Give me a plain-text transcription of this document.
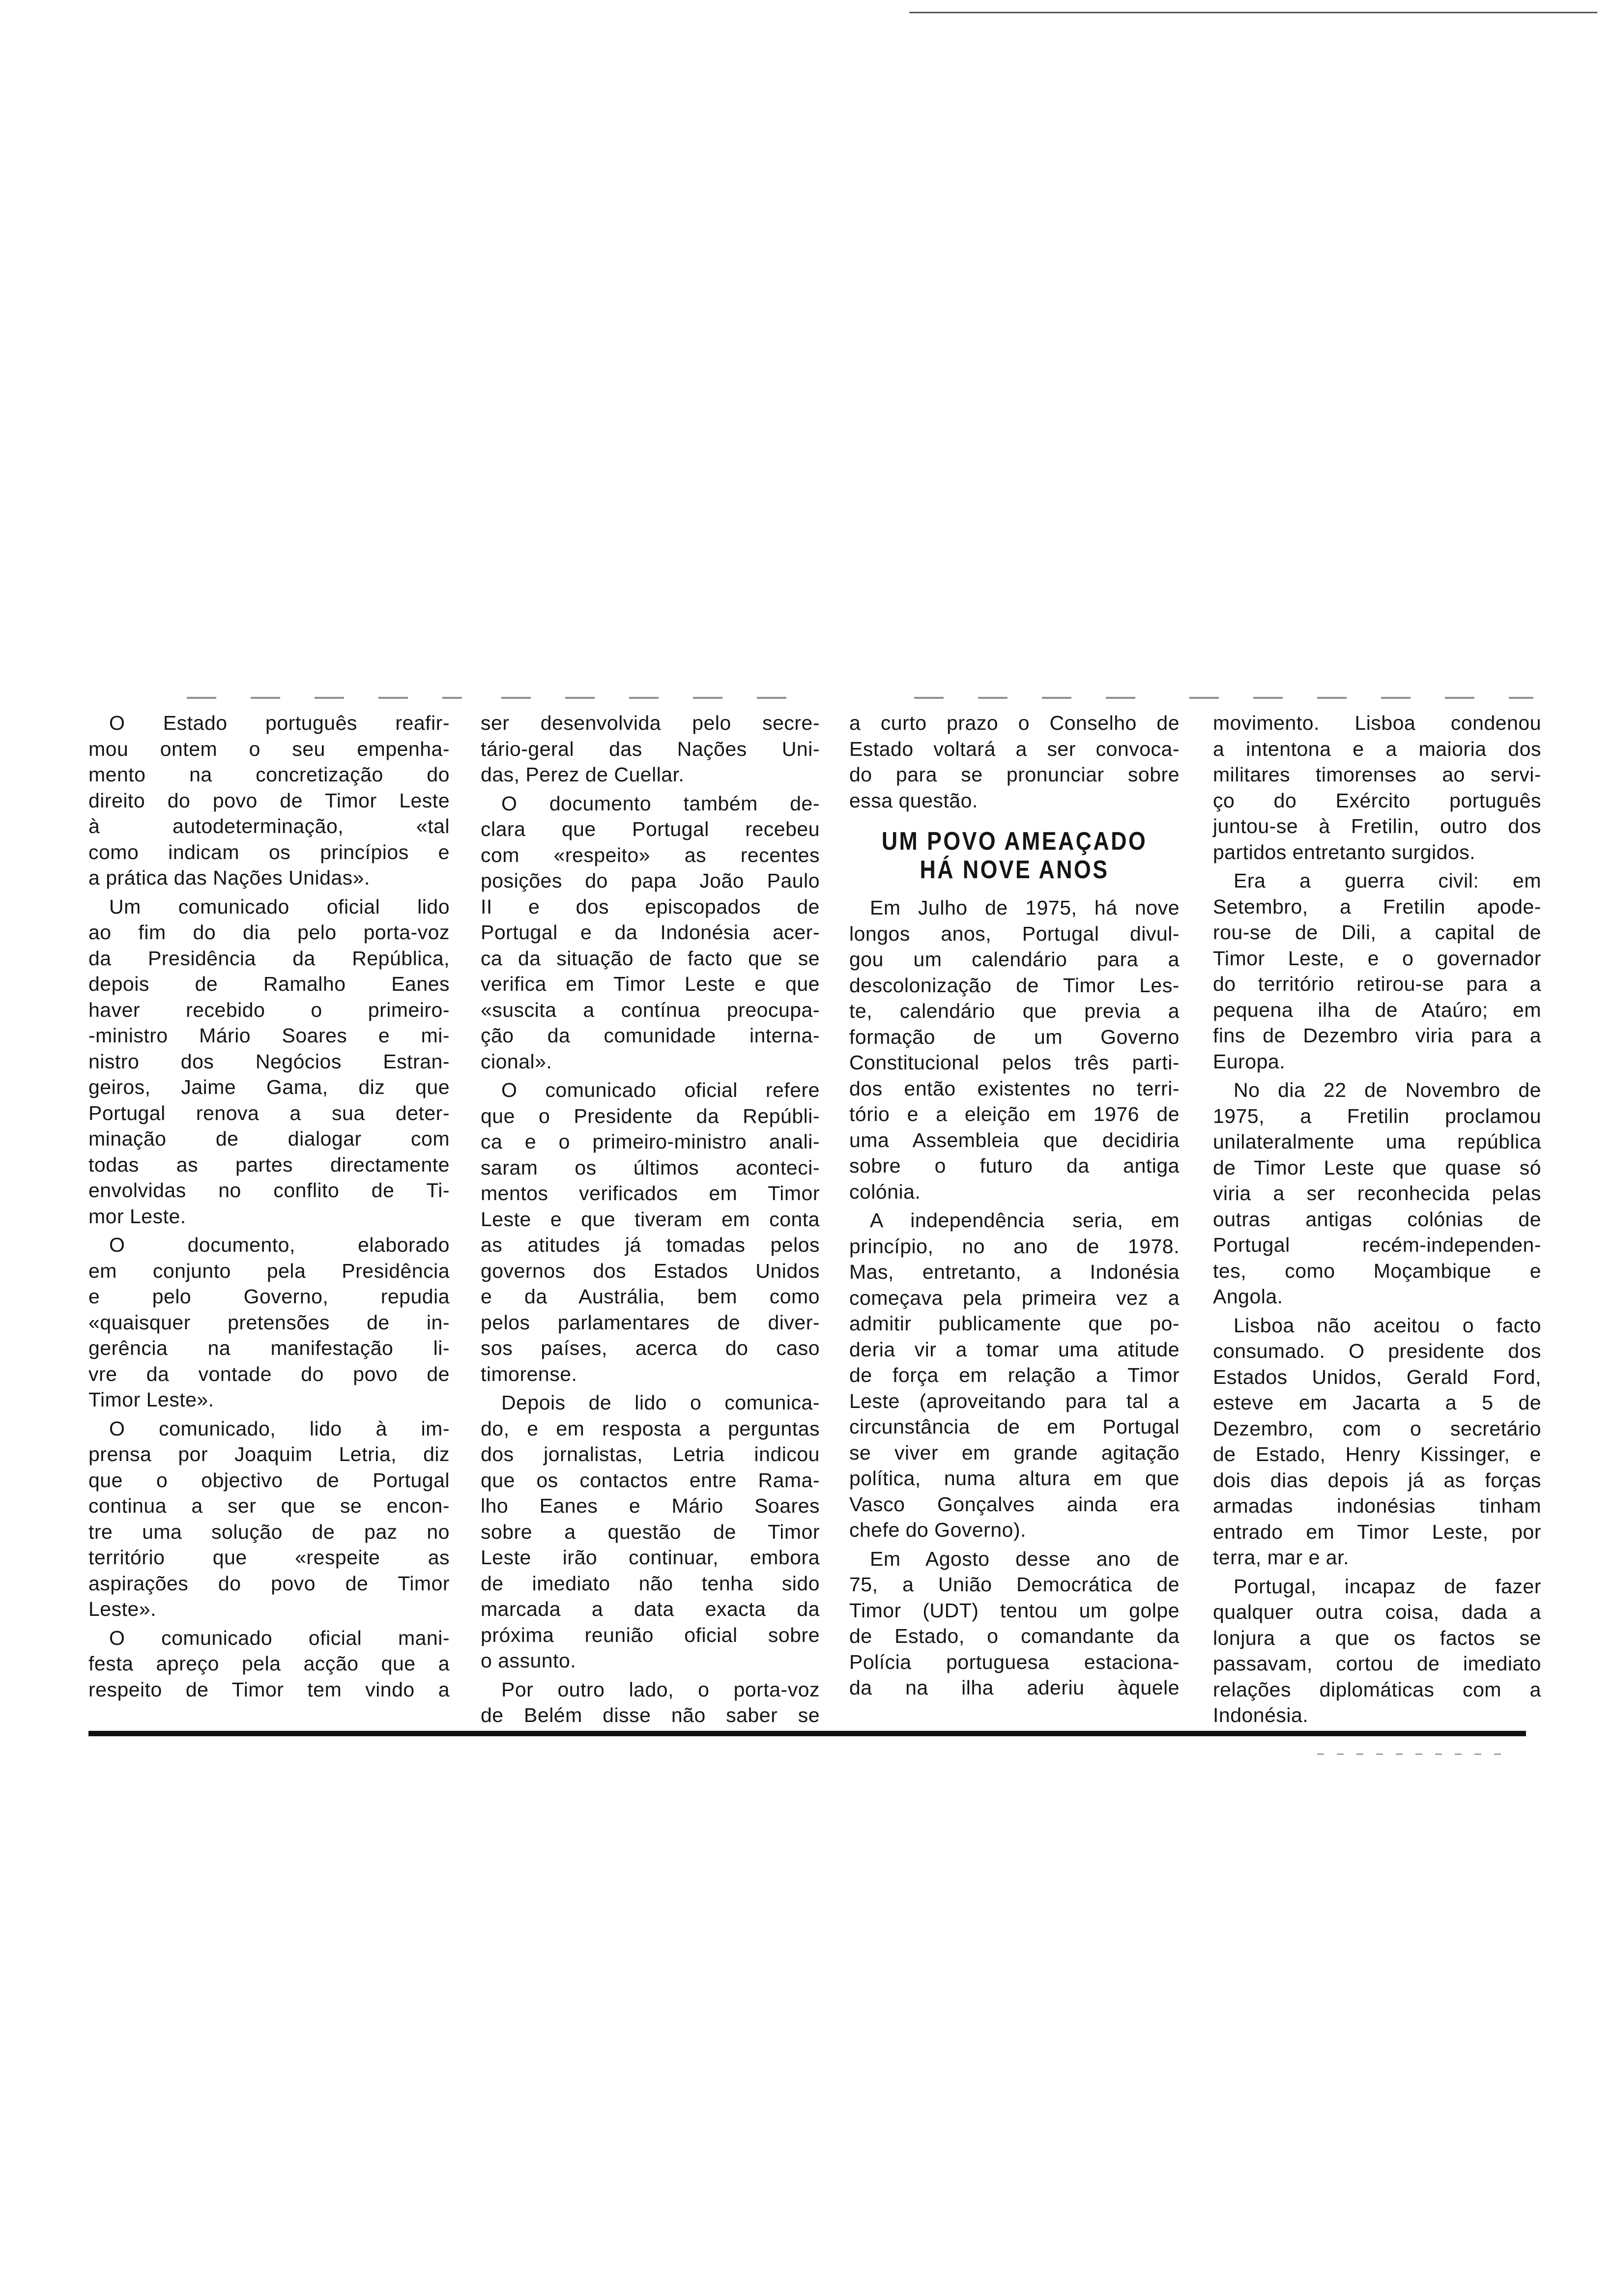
O Estado português reafir-
mou ontem o seu empenha-
mento na concretização do
direito do povo de Timor Leste
à autodeterminação, «tal
como indicam os princípios e
a prática das Nações Unidas».
Um comunicado oficial lido
ao fim do dia pelo porta-voz
da Presidência da República,
depois de Ramalho Eanes
haver recebido o primeiro-
-ministro Mário Soares e mi-
nistro dos Negócios Estran-
geiros, Jaime Gama, diz que
Portugal renova a sua deter-
minação de dialogar com
todas as partes directamente
envolvidas no conflito de Ti-
mor Leste.
O documento, elaborado
em conjunto pela Presidência
e pelo Governo, repudia
«quaisquer pretensões de in-
gerência na manifestação li-
vre da vontade do povo de
Timor Leste».
O comunicado, lido à im-
prensa por Joaquim Letria, diz
que o objectivo de Portugal
continua a ser que se encon-
tre uma solução de paz no
território que «respeite as
aspirações do povo de Timor
Leste».
O comunicado oficial mani-
festa apreço pela acção que a
respeito de Timor tem vindo a
ser desenvolvida pelo secre-
tário-geral das Nações Uni-
das, Perez de Cuellar.
O documento também de-
clara que Portugal recebeu
com «respeito» as recentes
posições do papa João Paulo
II e dos episcopados de
Portugal e da Indonésia acer-
ca da situação de facto que se
verifica em Timor Leste e que
«suscita a contínua preocupa-
ção da comunidade interna-
cional».
O comunicado oficial refere
que o Presidente da Repúbli-
ca e o primeiro-ministro anali-
saram os últimos aconteci-
mentos verificados em Timor
Leste e que tiveram em conta
as atitudes já tomadas pelos
governos dos Estados Unidos
e da Austrália, bem como
pelos parlamentares de diver-
sos países, acerca do caso
timorense.
Depois de lido o comunica-
do, e em resposta a perguntas
dos jornalistas, Letria indicou
que os contactos entre Rama-
lho Eanes e Mário Soares
sobre a questão de Timor
Leste irão continuar, embora
de imediato não tenha sido
marcada a data exacta da
próxima reunião oficial sobre
o assunto.
Por outro lado, o porta-voz
de Belém disse não saber se
a curto prazo o Conselho de
Estado voltará a ser convoca-
do para se pronunciar sobre
essa questão.
UM POVO AMEAÇADO
HÁ NOVE ANOS
Em Julho de 1975, há nove
longos anos, Portugal divul-
gou um calendário para a
descolonização de Timor Les-
te, calendário que previa a
formação de um Governo
Constitucional pelos três parti-
dos então existentes no terri-
tório e a eleição em 1976 de
uma Assembleia que decidiria
sobre o futuro da antiga
colónia.
A independência seria, em
princípio, no ano de 1978.
Mas, entretanto, a Indonésia
começava pela primeira vez a
admitir publicamente que po-
deria vir a tomar uma atitude
de força em relação a Timor
Leste (aproveitando para tal a
circunstância de em Portugal
se viver em grande agitação
política, numa altura em que
Vasco Gonçalves ainda era
chefe do Governo).
Em Agosto desse ano de
75, a União Democrática de
Timor (UDT) tentou um golpe
de Estado, o comandante da
Polícia portuguesa estaciona-
da na ilha aderiu àquele
movimento. Lisboa condenou
a intentona e a maioria dos
militares timorenses ao servi-
ço do Exército português
juntou-se à Fretilin, outro dos
partidos entretanto surgidos.
Era a guerra civil: em
Setembro, a Fretilin apode-
rou-se de Dili, a capital de
Timor Leste, e o governador
do território retirou-se para a
pequena ilha de Ataúro; em
fins de Dezembro viria para a
Europa.
No dia 22 de Novembro de
1975, a Fretilin proclamou
unilateralmente uma república
de Timor Leste que quase só
viria a ser reconhecida pelas
outras antigas colónias de
Portugal recém-independen-
tes, como Moçambique e
Angola.
Lisboa não aceitou o facto
consumado. O presidente dos
Estados Unidos, Gerald Ford,
esteve em Jacarta a 5 de
Dezembro, com o secretário
de Estado, Henry Kissinger, e
dois dias depois já as forças
armadas indonésias tinham
entrado em Timor Leste, por
terra, mar e ar.
Portugal, incapaz de fazer
qualquer outra coisa, dada a
lonjura a que os factos se
passavam, cortou de imediato
relações diplomáticas com a
Indonésia.
